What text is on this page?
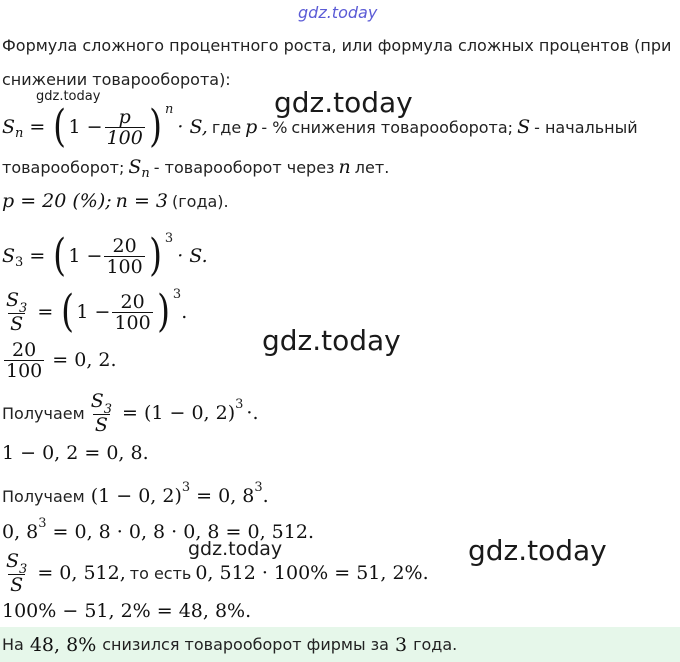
gdz.today
Формула сложного процентного роста, или формула сложных процентов (при
снижении товарооборота):
gdz.today
S n = ( $1 - \frac{p}{100}$ ) n
· S, где p - % снижения товарооборота; S - начальный
gdz.today
товарооборот; S n - товарооборот через n лет.
p = 20 (%); n = 3 (года).
S 3 = ( $1 - \frac{20}{100}$ ) 3
· S.
$\frac{S_3}{S}$ = ( $1 - \frac{20}{100}$ ) 3
.
gdz.today
$\frac{20}{100} = 0$, 2.
Получаем $\frac{S_3}{S} = (1 - 0$, 2) 3 ·.
1 − 0, 2 = 0, 8.
Получаем (1 − 0, 2) 3 = 0, 8 3 .
0, 8 3 = 0, 8 · 0, 8 · 0, 8 = 0, 512.
gdz.today	gdz.today
$\frac{S_3}{S} = 0$, 512, то есть 0, 512 · 100% = 51, 2%.
100% − 51, 2% = 48, 8%.
На 48, 8% снизился товарооборот фирмы за 3 года.
